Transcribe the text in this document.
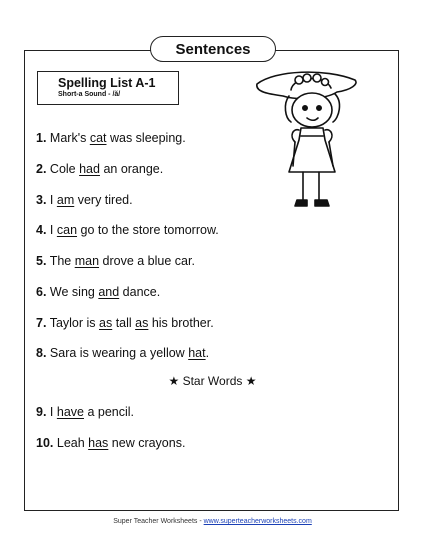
Sentences
Spelling List A-1
Short-a Sound - /ă/
1. Mark's cat was sleeping.
2. Cole had an orange.
3. I am very tired.
4. I can go to the store tomorrow.
5. The man drove a blue car.
6. We sing and dance.
7. Taylor is as tall as his brother.
8. Sara is wearing a yellow hat.
★ Star Words ★
9. I have a pencil.
10. Leah has new crayons.
Super Teacher Worksheets - www.superteacherworksheets.com
